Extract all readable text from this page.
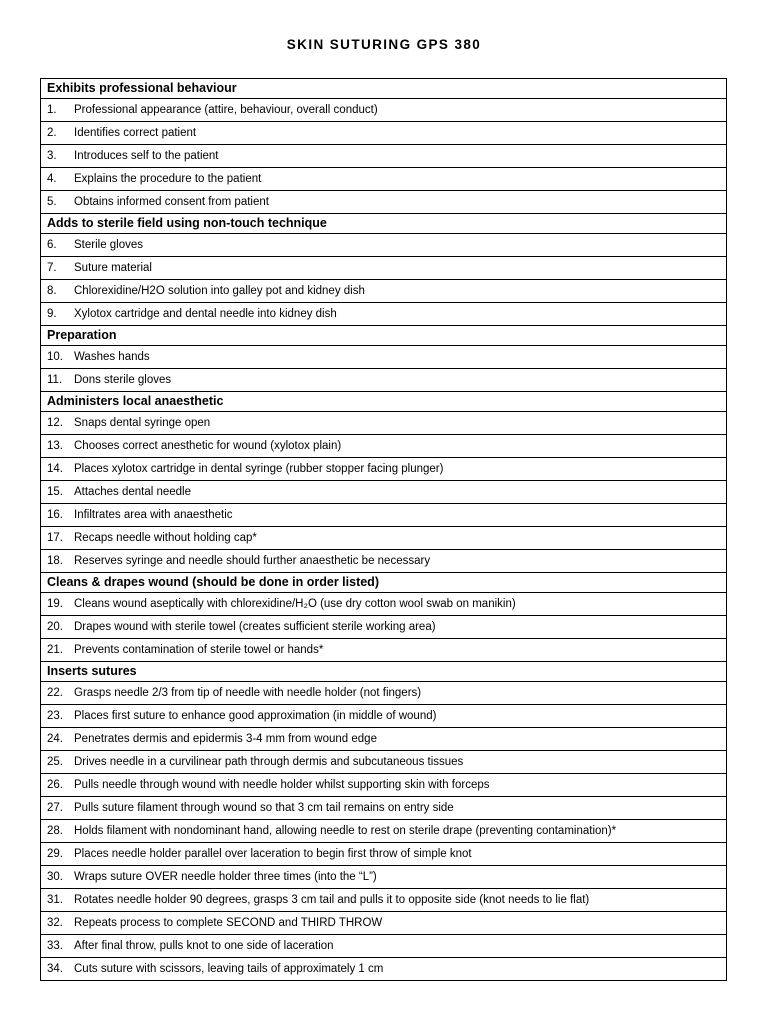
SKIN SUTURING GPS 380
Exhibits professional behaviour
1. Professional appearance (attire, behaviour, overall conduct)
2. Identifies correct patient
3. Introduces self to the patient
4. Explains the procedure to the patient
5. Obtains informed consent from patient
Adds to sterile field using non-touch technique
6. Sterile gloves
7. Suture material
8. Chlorexidine/H2O solution into galley pot and kidney dish
9. Xylotox cartridge and dental needle into kidney dish
Preparation
10. Washes hands
11. Dons sterile gloves
Administers local anaesthetic
12. Snaps dental syringe open
13. Chooses correct anesthetic for wound (xylotox plain)
14. Places xylotox cartridge in dental syringe (rubber stopper facing plunger)
15. Attaches dental needle
16. Infiltrates area with anaesthetic
17. Recaps needle without holding cap*
18. Reserves syringe and needle should further anaesthetic be necessary
Cleans & drapes wound (should be done in order listed)
19. Cleans wound aseptically with chlorexidine/H₂O (use dry cotton wool swab on manikin)
20. Drapes wound with sterile towel (creates sufficient sterile working area)
21. Prevents contamination of sterile towel or hands*
Inserts sutures
22. Grasps needle 2/3 from tip of needle with needle holder (not fingers)
23. Places first suture to enhance good approximation (in middle of wound)
24. Penetrates dermis and epidermis 3-4 mm from wound edge
25. Drives needle in a curvilinear path through dermis and subcutaneous tissues
26. Pulls needle through wound with needle holder whilst supporting skin with forceps
27. Pulls suture filament through wound so that 3 cm tail remains on entry side
28. Holds filament with nondominant hand, allowing needle to rest on sterile drape (preventing contamination)*
29. Places needle holder parallel over laceration to begin first throw of simple knot
30. Wraps suture OVER needle holder three times (into the “L”)
31. Rotates needle holder 90 degrees, grasps 3 cm tail and pulls it to opposite side (knot needs to lie flat)
32. Repeats process to complete SECOND and THIRD THROW
33. After final throw, pulls knot to one side of laceration
34. Cuts suture with scissors, leaving tails of approximately 1 cm
